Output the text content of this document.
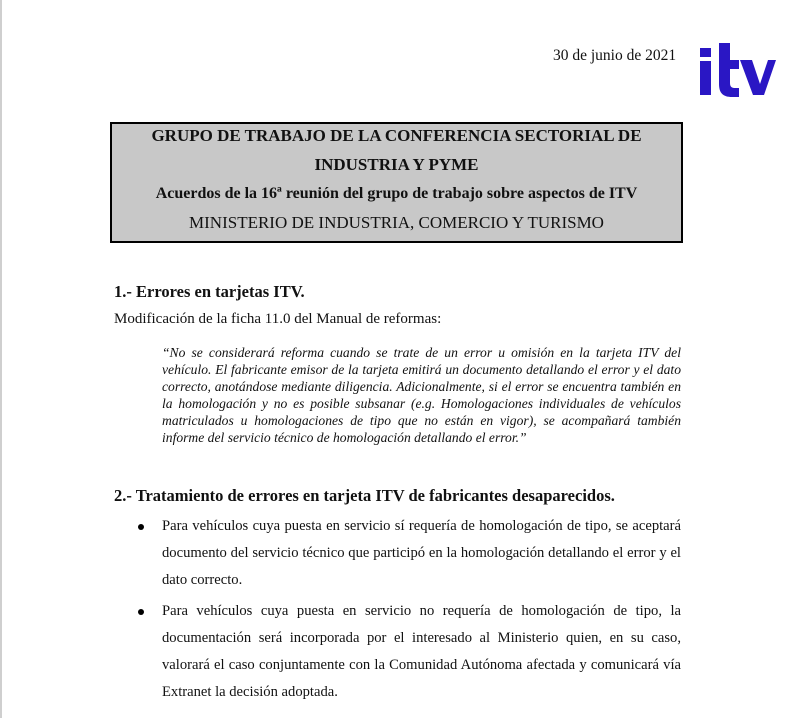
30 de junio de 2021
GRUPO DE TRABAJO DE LA CONFERENCIA SECTORIAL DE
INDUSTRIA Y PYME
Acuerdos de la 16ª reunión del grupo de trabajo sobre aspectos de ITV
MINISTERIO DE INDUSTRIA, COMERCIO Y TURISMO
1.- Errores en tarjetas ITV.
Modificación de la ficha 11.0 del Manual de reformas:
“No se considerará reforma cuando se trate de un error u omisión en la tarjeta ITV del vehículo. El fabricante emisor de la tarjeta emitirá un documento detallando el error y el dato correcto, anotándose mediante diligencia. Adicionalmente, si el error se encuentra también en la homologación y no es posible subsanar (e.g. Homologaciones individuales de vehículos matriculados u homologaciones de tipo que no están en vigor), se acompañará también informe del servicio técnico de homologación detallando el error.”
2.- Tratamiento de errores en tarjeta ITV de fabricantes desaparecidos.
Para vehículos cuya puesta en servicio sí requería de homologación de tipo, se aceptará documento del servicio técnico que participó en la homologación detallando el error y el dato correcto.
Para vehículos cuya puesta en servicio no requería de homologación de tipo, la documentación será incorporada por el interesado al Ministerio quien, en su caso, valorará el caso conjuntamente con la Comunidad Autónoma afectada y comunicará vía Extranet la decisión adoptada.
